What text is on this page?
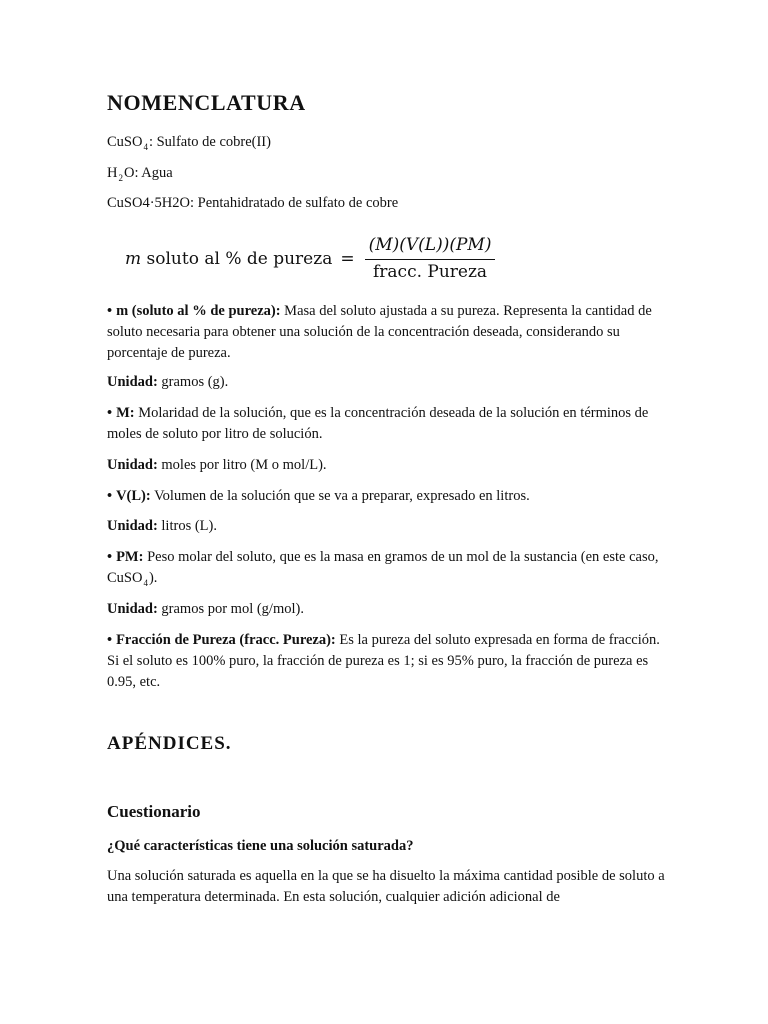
NOMENCLATURA

CuSO$_4$: Sulfato de cobre(II)

$H_2O$: Agua

CuSO4·5H2O: Pentahidratado de sulfato de cobre

m soluto al % de pureza = $\frac{(M)(V(L))(PM)}{\text{fracc. Pureza}}$

• m (soluto al % de pureza): Masa del soluto ajustada a su pureza. Representa la cantidad de soluto necesaria para obtener una solución de la concentración deseada, considerando su porcentaje de pureza.

Unidad: gramos (g).

• M: Molaridad de la solución, que es la concentración deseada de la solución en términos de moles de soluto por litro de solución.

Unidad: moles por litro (M o mol/L).

• V(L): Volumen de la solución que se va a preparar, expresado en litros.

Unidad: litros (L).

• PM: Peso molar del soluto, que es la masa en gramos de un mol de la sustancia (en este caso, CuSO$_4$).

Unidad: gramos por mol (g/mol).

• Fracción de Pureza (fracc. Pureza): Es la pureza del soluto expresada en forma de fracción. Si el soluto es 100% puro, la fracción de pureza es 1; si es 95% puro, la fracción de pureza es 0.95, etc.

APÉNDICES.
Cuestionario

¿Qué características tiene una solución saturada?

Una solución saturada es aquella en la que se ha disuelto la máxima cantidad posible de soluto a una temperatura determinada. En esta solución, cualquier adición adicional de
